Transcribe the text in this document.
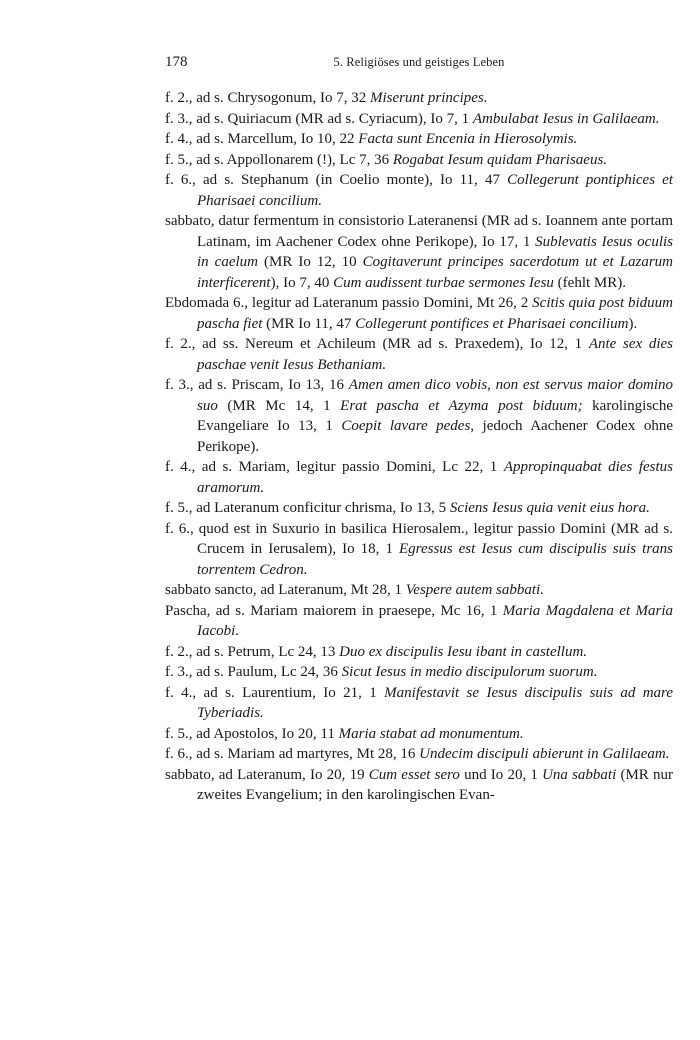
178	5. Religiöses und geistiges Leben

f. 2., ad s. Chrysogonum, Io 7, 32 Miserunt principes.

f. 3., ad s. Quiriacum (MR ad s. Cyriacum), Io 7, 1 Ambulabat Iesus in Galilaeam.

f. 4., ad s. Marcellum, Io 10, 22 Facta sunt Encenia in Hierosolymis.

f. 5., ad s. Appollonarem (!), Lc 7, 36 Rogabat Iesum quidam Pharisaeus.

f. 6., ad s. Stephanum (in Coelio monte), Io 11, 47 Collegerunt pontiphices et Pharisaei concilium.

sabbato, datur fermentum in consistorio Lateranensi (MR ad s. Ioannem ante portam Latinam, im Aachener Codex ohne Perikope), Io 17, 1 Sublevatis Iesus oculis in caelum (MR Io 12, 10 Cogitaverunt principes sacerdotum ut et Lazarum interficerent), Io 7, 40 Cum audissent turbae sermones Iesu (fehlt MR).

Ebdomada 6., legitur ad Lateranum passio Domini, Mt 26, 2 Scitis quia post biduum pascha fiet (MR Io 11, 47 Collegerunt pontifices et Pharisaei concilium).

f. 2., ad ss. Nereum et Achileum (MR ad s. Praxedem), Io 12, 1 Ante sex dies paschae venit Iesus Bethaniam.

f. 3., ad s. Priscam, Io 13, 16 Amen amen dico vobis, non est servus maior domino suo (MR Mc 14, 1 Erat pascha et Azyma post biduum; karolingische Evangeliare Io 13, 1 Coepit lavare pedes, jedoch Aachener Codex ohne Perikope).

f. 4., ad s. Mariam, legitur passio Domini, Lc 22, 1 Appropinquabat dies festus aramorum.

f. 5., ad Lateranum conficitur chrisma, Io 13, 5 Sciens Iesus quia venit eius hora.

f. 6., quod est in Suxurio in basilica Hierosalem., legitur passio Domini (MR ad s. Crucem in Ierusalem), Io 18, 1 Egressus est Iesus cum discipulis suis trans torrentem Cedron.

sabbato sancto, ad Lateranum, Mt 28, 1 Vespere autem sabbati.

Pascha, ad s. Mariam maiorem in praesepe, Mc 16, 1 Maria Magdalena et Maria Iacobi.

f. 2., ad s. Petrum, Lc 24, 13 Duo ex discipulis Iesu ibant in castellum.

f. 3., ad s. Paulum, Lc 24, 36 Sicut Iesus in medio discipulorum suorum.

f. 4., ad s. Laurentium, Io 21, 1 Manifestavit se Iesus discipulis suis ad mare Tyberiadis.

f. 5., ad Apostolos, Io 20, 11 Maria stabat ad monumentum.

f. 6., ad s. Mariam ad martyres, Mt 28, 16 Undecim discipuli abierunt in Galilaeam.

sabbato, ad Lateranum, Io 20, 19 Cum esset sero und Io 20, 1 Una sabbati (MR nur zweites Evangelium; in den karolingischen Evan-
